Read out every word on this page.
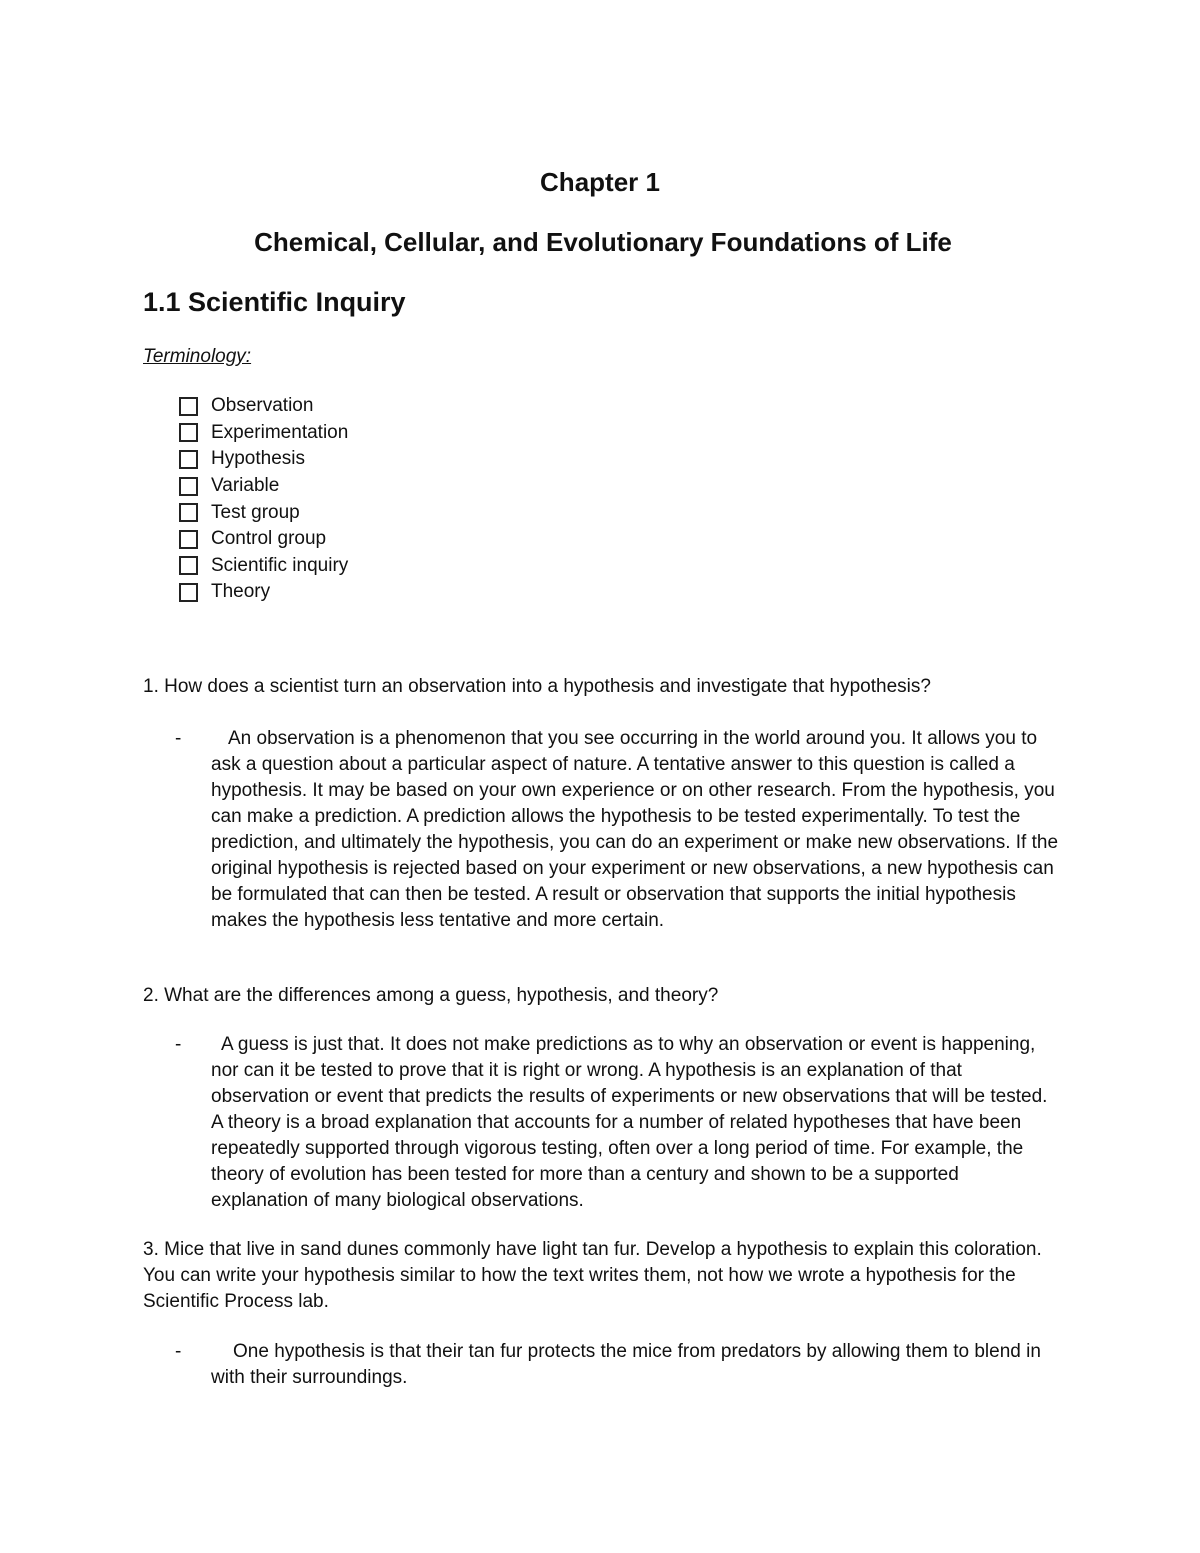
Chapter 1
Chemical, Cellular, and Evolutionary Foundations of Life
1.1 Scientific Inquiry
Terminology:
Observation
Experimentation
Hypothesis
Variable
Test group
Control group
Scientific inquiry
Theory
1. How does a scientist turn an observation into a hypothesis and investigate that hypothesis?
-	An observation is a phenomenon that you see occurring in the world around you. It allows you to ask a question about a particular aspect of nature. A tentative answer to this question is called a hypothesis. It may be based on your own experience or on other research. From the hypothesis, you can make a prediction. A prediction allows the hypothesis to be tested experimentally. To test the prediction, and ultimately the hypothesis, you can do an experiment or make new observations. If the original hypothesis is rejected based on your experiment or new observations, a new hypothesis can be formulated that can then be tested. A result or observation that supports the initial hypothesis makes the hypothesis less tentative and more certain.
2. What are the differences among a guess, hypothesis, and theory?
-	A guess is just that. It does not make predictions as to why an observation or event is happening, nor can it be tested to prove that it is right or wrong. A hypothesis is an explanation of that observation or event that predicts the results of experiments or new observations that will be tested. A theory is a broad explanation that accounts for a number of related hypotheses that have been repeatedly supported through vigorous testing, often over a long period of time. For example, the theory of evolution has been tested for more than a century and shown to be a supported explanation of many biological observations.
3. Mice that live in sand dunes commonly have light tan fur. Develop a hypothesis to explain this coloration. You can write your hypothesis similar to how the text writes them, not how we wrote a hypothesis for the Scientific Process lab.
-	One hypothesis is that their tan fur protects the mice from predators by allowing them to blend in with their surroundings.
